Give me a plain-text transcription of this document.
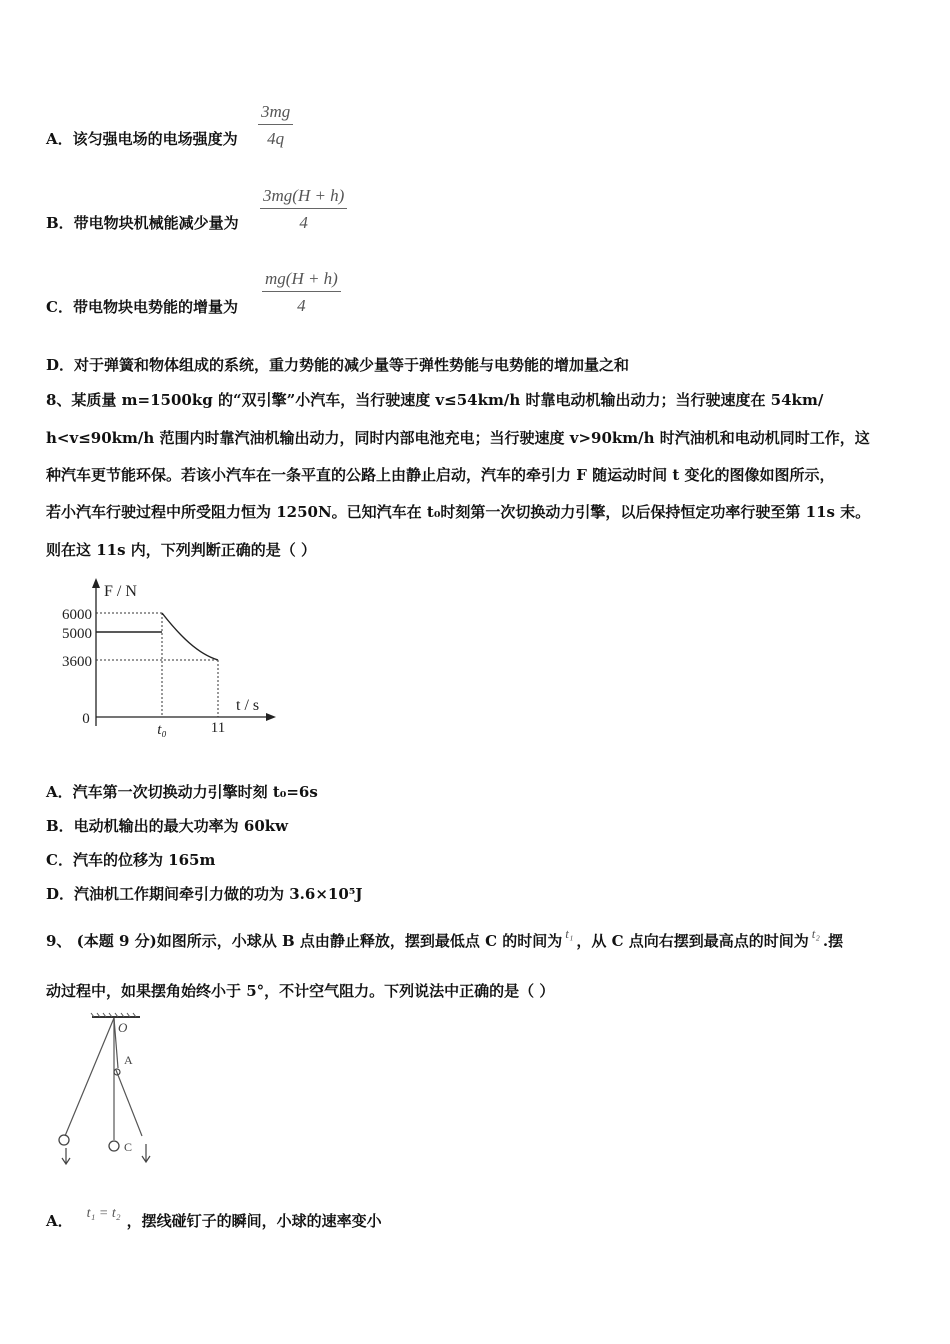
$\frac{3mg}{4q}$
A．该匀强电场的电场强度为
$\frac{3mg(H + h)}{4}$
B．带电物块机械能减少量为
$\frac{mg(H + h)}{4}$
C．带电物块电势能的增量为
D．对于弹簧和物体组成的系统，重力势能的减少量等于弹性势能与电势能的增加量之和
8、某质量 m=1500kg 的“双引擎”小汽车，当行驶速度 v≤54km/h 时靠电动机输出动力；当行驶速度在 54km/
h<v≤90km/h 范围内时靠汽油机输出动力，同时内部电池充电；当行驶速度 v>90km/h 时汽油机和电动机同时工作，这
种汽车更节能环保。若该小汽车在一条平直的公路上由静止启动，汽车的牵引力 F 随运动时间 t 变化的图像如图所示，
若小汽车行驶过程中所受阻力恒为 1250N。已知汽车在 t₀时刻第一次切换动力引擎，以后保持恒定功率行驶至第 11s 末。
则在这 11s 内，下列判断正确的是（ ）
F / N
t / s
6000
5000
3600
0
t₀	11
A．汽车第一次切换动力引擎时刻 t₀=6s
B．电动机输出的最大功率为 60kw
C．汽车的位移为 165m
D．汽油机工作期间牵引力做的功为 3.6×10⁵J
9、 (本题 9 分)如图所示，小球从 B 点由静止释放，摆到最低点 C 的时间为 t₁ ，从 C 点向右摆到最高点的时间为 t₂ .摆
动过程中，如果摆角始终小于 5°，不计空气阻力。下列说法中正确的是（ ）
O
A
C
A． t₁ = t₂ ，摆线碰钉子的瞬间，小球的速率变小
